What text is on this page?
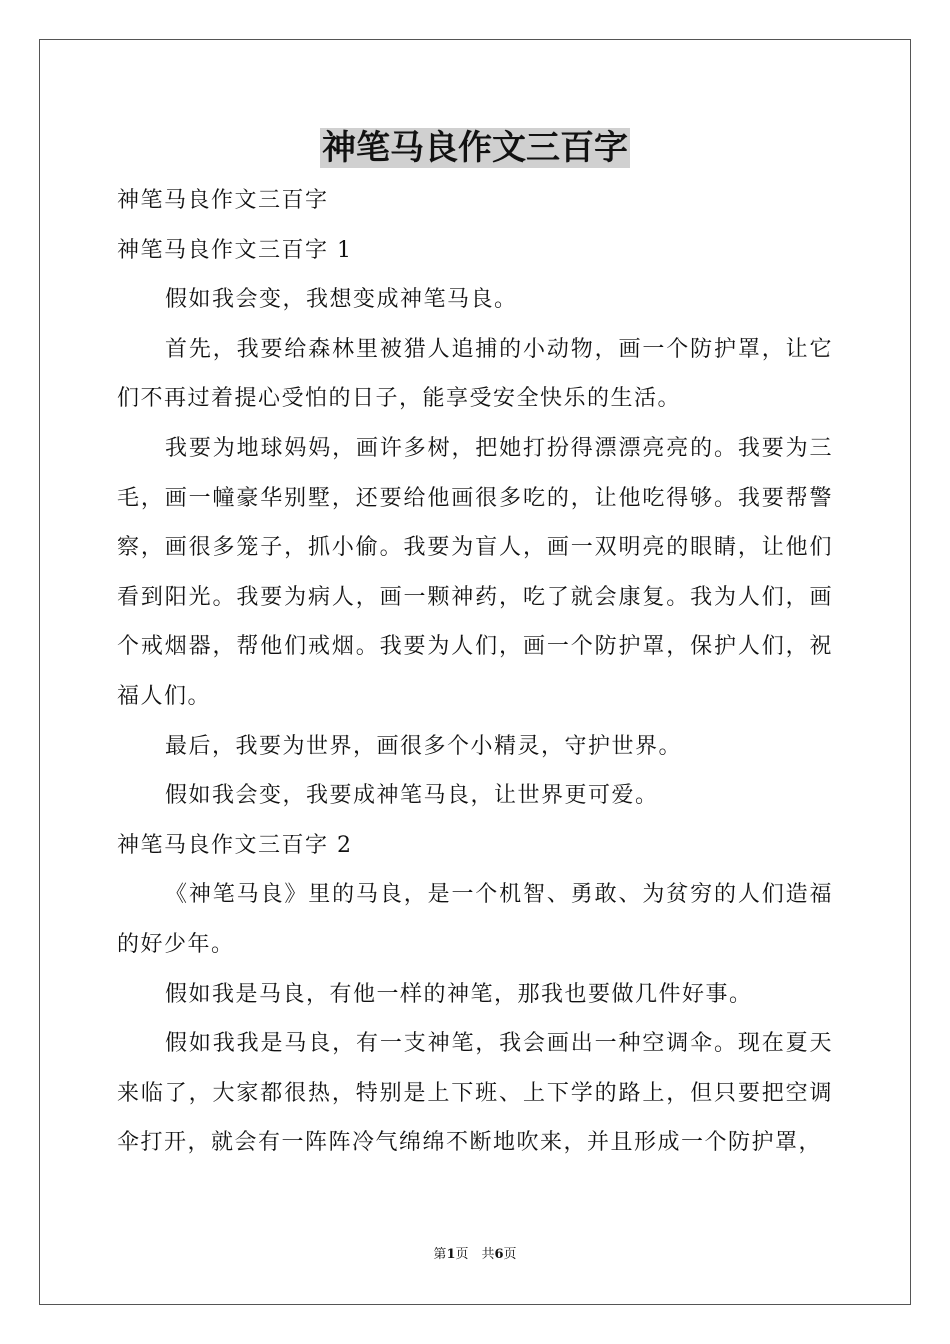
神笔马良作文三百字

神笔马良作文三百字

神笔马良作文三百字 1

假如我会变，我想变成神笔马良。

首先，我要给森林里被猎人追捕的小动物，画一个防护罩，让它们不再过着提心受怕的日子，能享受安全快乐的生活。

我要为地球妈妈，画许多树，把她打扮得漂漂亮亮的。我要为三毛，画一幢豪华别墅，还要给他画很多吃的，让他吃得够。我要帮警察，画很多笼子，抓小偷。我要为盲人，画一双明亮的眼睛，让他们看到阳光。我要为病人，画一颗神药，吃了就会康复。我为人们，画个戒烟器，帮他们戒烟。我要为人们，画一个防护罩，保护人们，祝福人们。

最后，我要为世界，画很多个小精灵，守护世界。

假如我会变，我要成神笔马良，让世界更可爱。

神笔马良作文三百字 2

《神笔马良》里的马良，是一个机智、勇敢、为贫穷的人们造福的好少年。

假如我是马良，有他一样的神笔，那我也要做几件好事。

假如我我是马良，有一支神笔，我会画出一种空调伞。现在夏天来临了，大家都很热，特别是上下班、上下学的路上，但只要把空调伞打开，就会有一阵阵冷气绵绵不断地吹来，并且形成一个防护罩，

第1页　共6页
